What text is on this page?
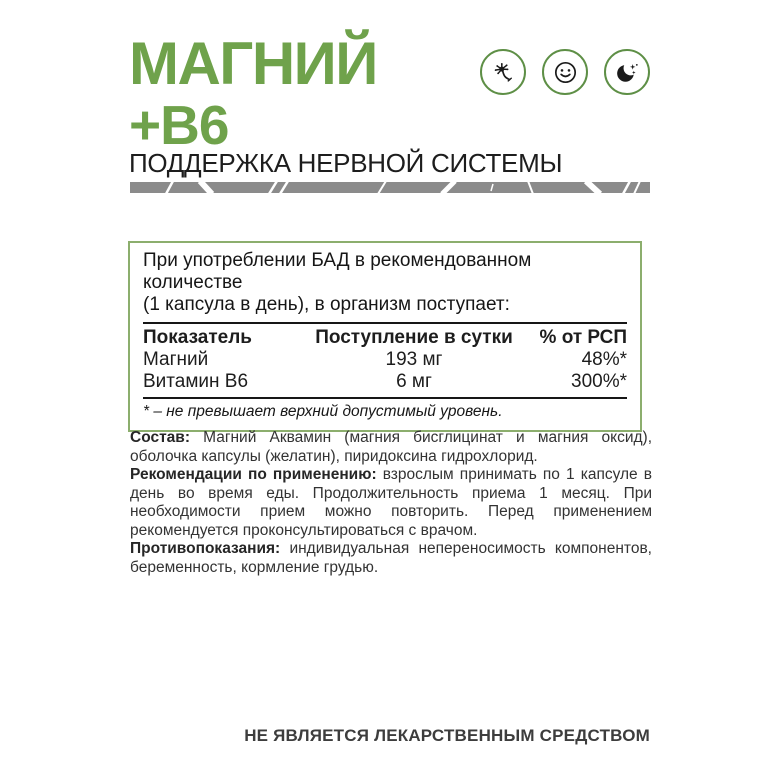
МАГНИЙ
+B6
ПОДДЕРЖКА НЕРВНОЙ СИСТЕМЫ

При употреблении БАД в рекомендованном количестве
(1 капсула в день), в организм поступает:

Показатель	Поступление в сутки	% от РСП
Магний	193 мг	48%*
Витамин B6	6 мг	300%*

* – не превышает верхний допустимый уровень.

Состав: Магний Аквамин (магния бисглицинат и магния оксид), оболочка капсулы (желатин), пиридоксина гидрохлорид.

Рекомендации по применению: взрослым принимать по 1 капсуле в день во время еды. Продолжительность приема 1 месяц. При необходимости прием можно повторить. Перед применением рекомендуется проконсультироваться с врачом.

Противопоказания: индивидуальная непереносимость компонентов, беременность, кормление грудью.

НЕ ЯВЛЯЕТСЯ ЛЕКАРСТВЕННЫМ СРЕДСТВОМ
